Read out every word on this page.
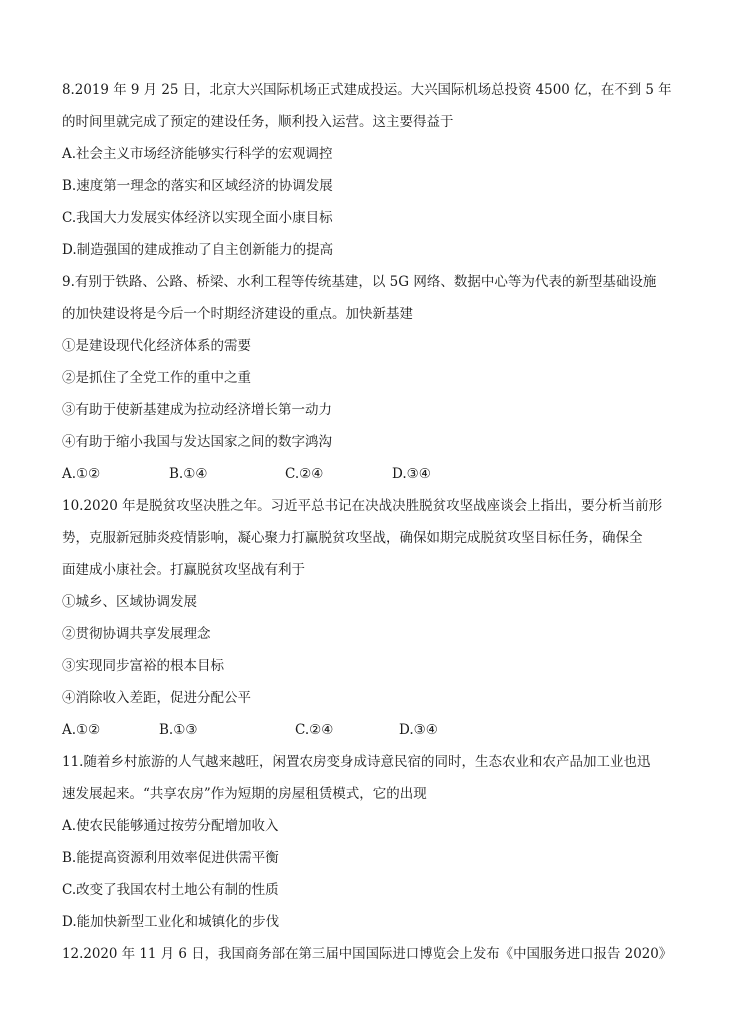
8.2019 年 9 月 25 日，北京大兴国际机场正式建成投运。大兴国际机场总投资 4500 亿，在不到 5 年
的时间里就完成了预定的建设任务，顺利投入运营。这主要得益于
A.社会主义市场经济能够实行科学的宏观调控
B.速度第一理念的落实和区域经济的协调发展
C.我国大力发展实体经济以实现全面小康目标
D.制造强国的建成推动了自主创新能力的提高
9.有别于铁路、公路、桥梁、水利工程等传统基建，以 5G 网络、数据中心等为代表的新型基础设施
的加快建设将是今后一个时期经济建设的重点。加快新基建
①是建设现代化经济体系的需要
②是抓住了全党工作的重中之重
③有助于使新基建成为拉动经济增长第一动力
④有助于缩小我国与发达国家之间的数字鸿沟
A.①②	B.①④	C.②④	D.③④
10.2020 年是脱贫攻坚决胜之年。习近平总书记在决战决胜脱贫攻坚战座谈会上指出，要分析当前形
势，克服新冠肺炎疫情影响，凝心聚力打赢脱贫攻坚战，确保如期完成脱贫攻坚目标任务，确保全
面建成小康社会。打赢脱贫攻坚战有利于
①城乡、区域协调发展
②贯彻协调共享发展理念
③实现同步富裕的根本目标
④消除收入差距，促进分配公平
A.①②	B.①③	C.②④	D.③④
11.随着乡村旅游的人气越来越旺，闲置农房变身成诗意民宿的同时，生态农业和农产品加工业也迅
速发展起来。“共享农房”作为短期的房屋租赁模式，它的出现
A.使农民能够通过按劳分配增加收入
B.能提高资源利用效率促进供需平衡
C.改变了我国农村土地公有制的性质
D.能加快新型工业化和城镇化的步伐
12.2020 年 11 月 6 日，我国商务部在第三届中国国际进口博览会上发布《中国服务进口报告 2020》
